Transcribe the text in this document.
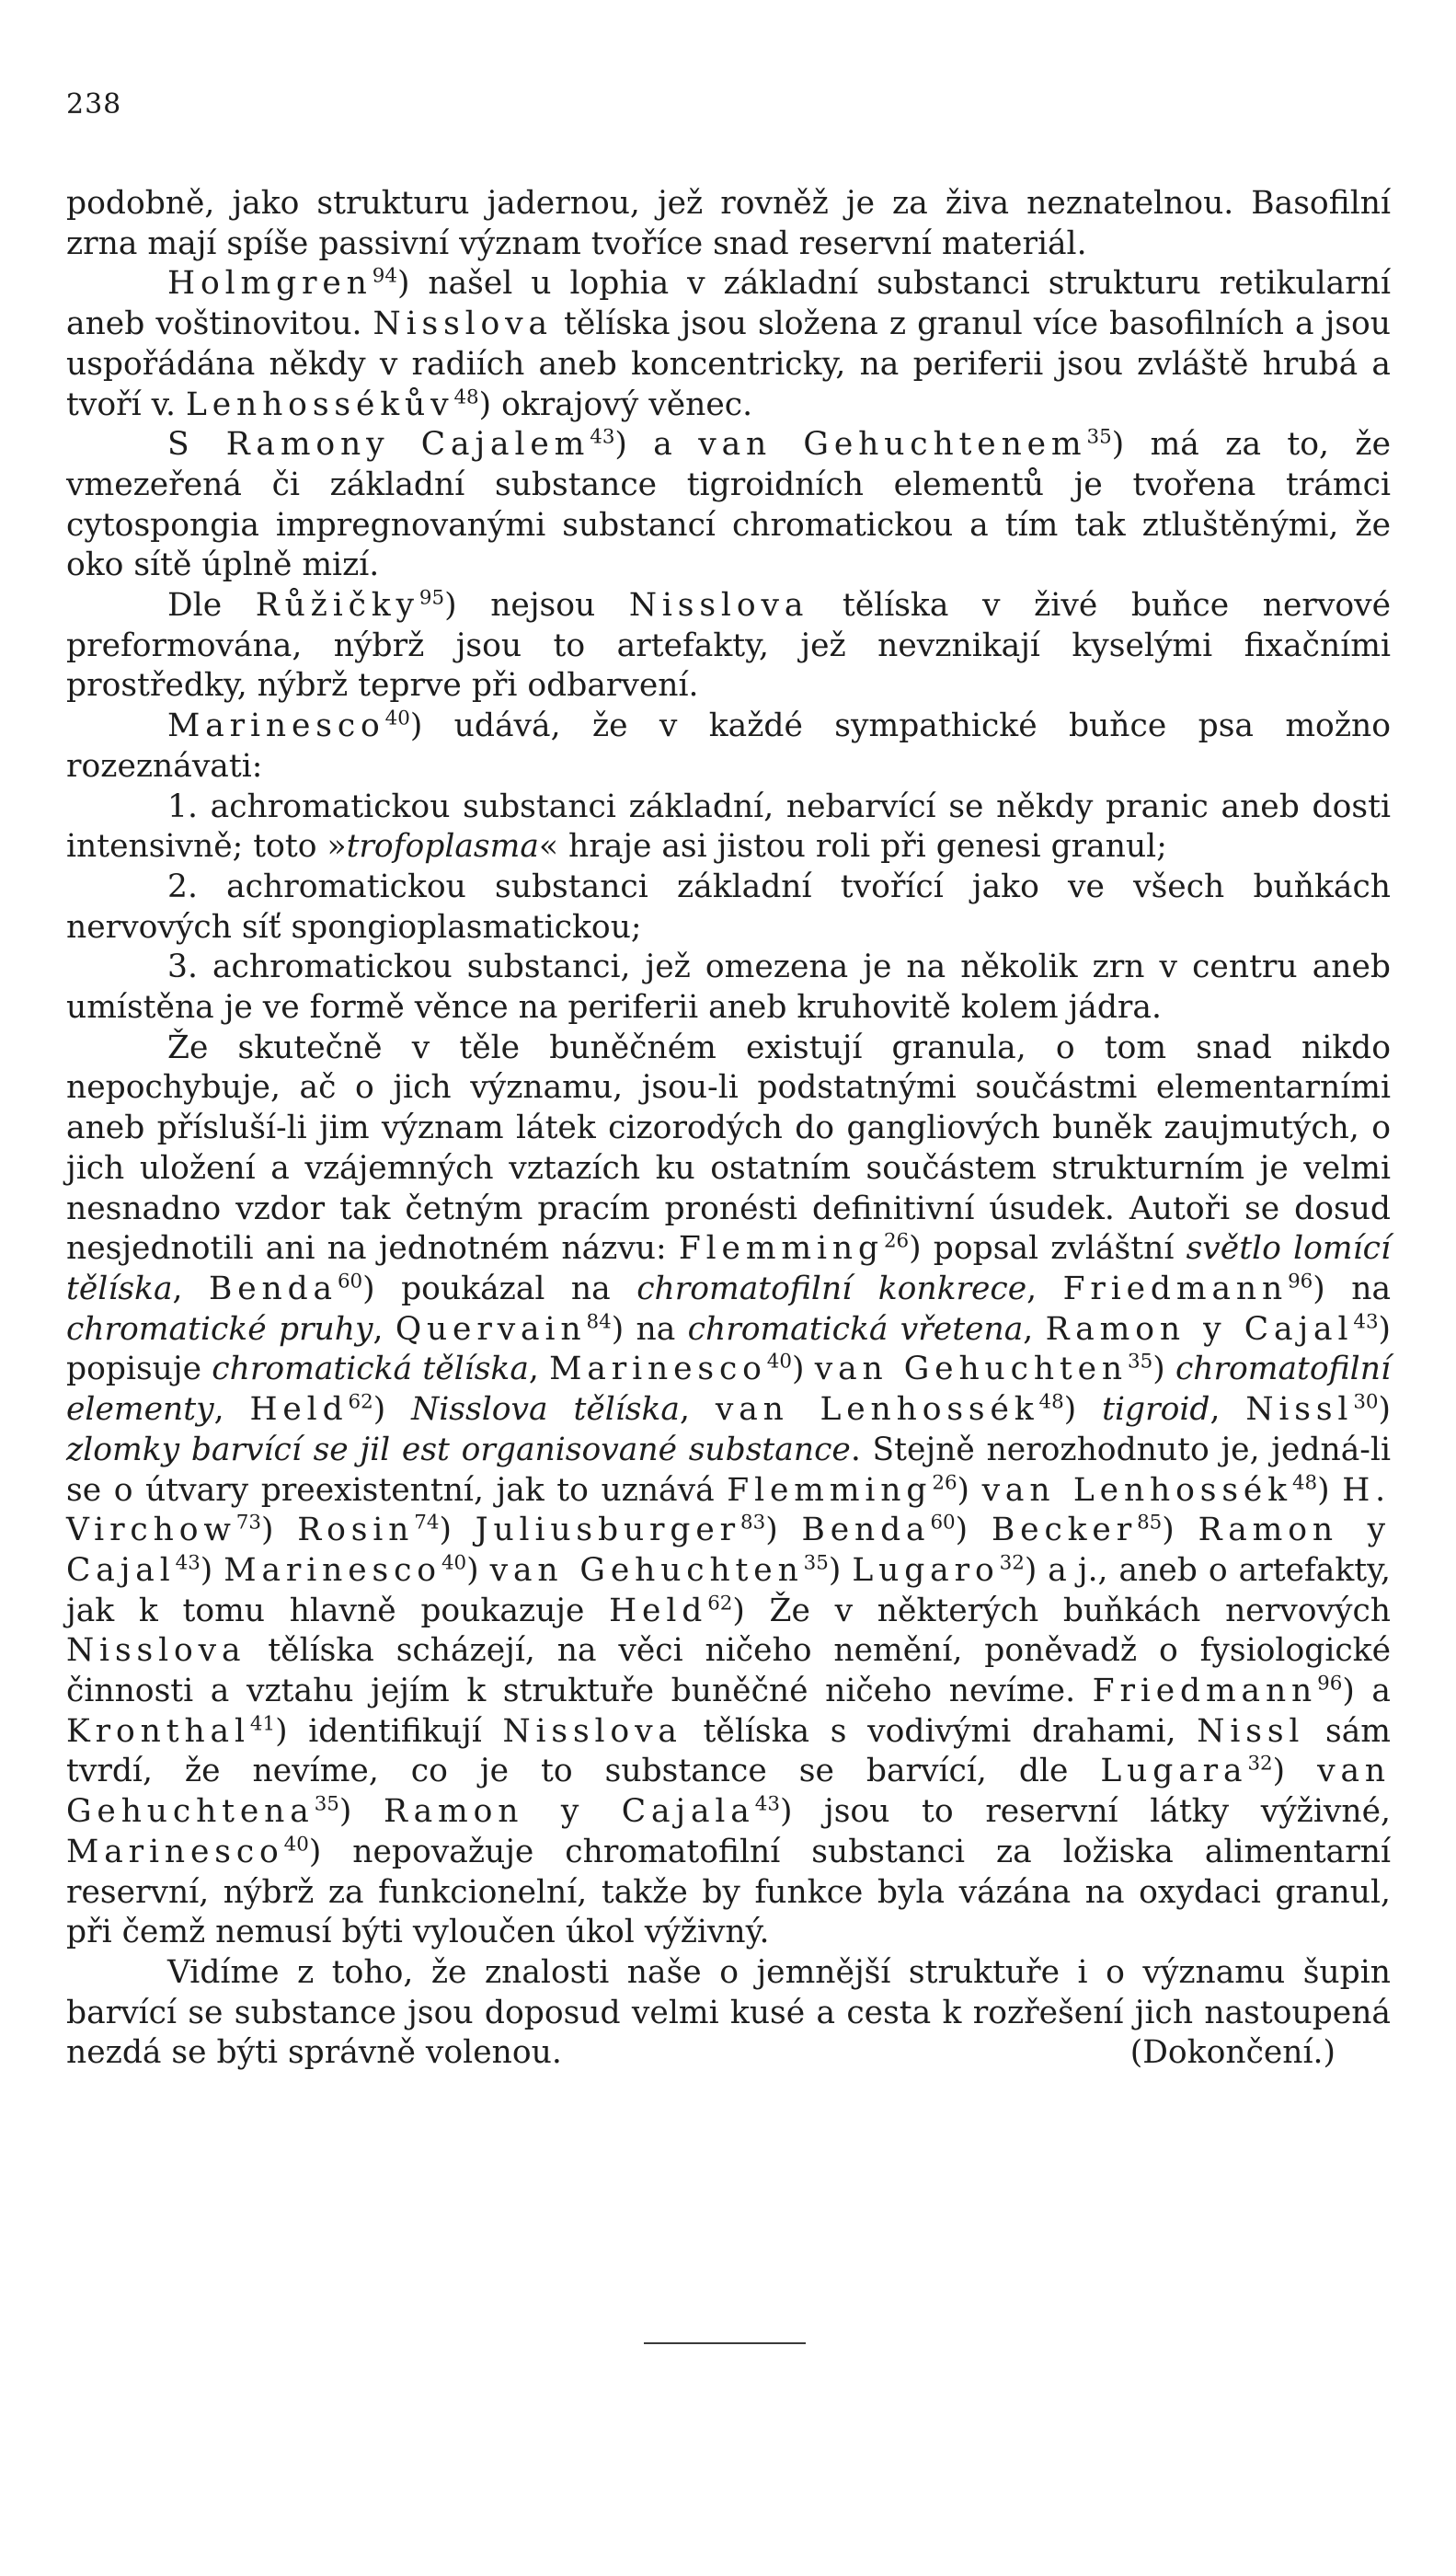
238

podobně, jako strukturu jadernou, jež rovněž je za živa neznatelnou. Basofilní zrna mají spíše passivní význam tvoříce snad reservní materiál.

Holmgren$^{94}$) našel u lophia v základní substanci strukturu retikularní aneb voštinovitou. Nisslova tělíska jsou složena z granul více basofilních a jsou uspořádána někdy v radiích aneb koncentricky, na periferii jsou zvláště hrubá a tvoří v. Lenhossékův$^{48}$) okrajový věnec.

S Ramony Cajalem$^{43}$) a van Gehuchtenem$^{35}$) má za to, že vmezeřená či základní substance tigroidních elementů je tvořena trámci cytospongia impregnovanými substancí chromatickou a tím tak ztluštěnými, že oko sítě úplně mizí.

Dle Růžičky$^{95}$) nejsou Nisslova tělíska v živé buňce nervové preformována, nýbrž jsou to artefakty, jež nevznikají kyselými fixačními prostředky, nýbrž teprve při odbarvení.

Marinesco$^{40}$) udává, že v každé sympathické buňce psa možno rozeznávati:

1. achromatickou substanci základní, nebarvící se někdy pranic aneb dosti intensivně; toto »trofoplasma« hraje asi jistou roli při genesi granul;

2. achromatickou substanci základní tvořící jako ve všech buňkách nervových síť spongioplasmatickou;

3. achromatickou substanci, jež omezena je na několik zrn v centru aneb umístěna je ve formě věnce na periferii aneb kruhovitě kolem jádra.

Že skutečně v těle buněčném existují granula, o tom snad nikdo nepochybuje, ač o jich významu, jsou-li podstatnými součástmi elementarními aneb přísluší-li jim význam látek cizorodých do gangliových buněk zaujmutých, o jich uložení a vzájemných vztazích ku ostatním součástem strukturním je velmi nesnadno vzdor tak četným pracím pronésti definitivní úsudek. Autoři se dosud nesjednotili ani na jednotném názvu: Flemming$^{26}$) popsal zvláštní světlo lomící tělíska, Benda$^{60}$) poukázal na chromatofilní konkrece, Friedmann$^{96}$) na chromatické pruhy, Quervain$^{84}$) na chromatická vřetena, Ramon y Cajal$^{43}$) popisuje chromatická tělíska, Marinesco$^{40}$) van Gehuchten$^{35}$) chromatofilní elementy, Held$^{62}$) Nisslova tělíska, van Lenhossék$^{48}$) tigroid, Nissl$^{30}$) zlomky barvící se jil est organisované substance. Stejně nerozhodnuto je, jedná-li se o útvary preexistentní, jak to uznává Flemming$^{26}$) van Lenhossék$^{48}$) H. Virchow$^{73}$) Rosin$^{74}$) Juliusburger$^{83}$) Benda$^{60}$) Becker$^{85}$) Ramon y Cajal$^{43}$) Marinesco$^{40}$) van Gehuchten$^{35}$) Lugaro$^{32}$) a j., aneb o artefakty, jak k tomu hlavně poukazuje Held$^{62}$) Že v některých buňkách nervových Nisslova tělíska scházejí, na věci ničeho nemění, poněvadž o fysiologické činnosti a vztahu jejím k struktuře buněčné ničeho nevíme. Friedmann$^{96}$) a Kronthal$^{41}$) identifikují Nisslova tělíska s vodivými drahami, Nissl sám tvrdí, že nevíme, co je to substance se barvící, dle Lugara$^{32}$) van Gehuchtena$^{35}$) Ramon y Cajala$^{43}$) jsou to reservní látky výživné, Marinesco$^{40}$) nepovažuje chromatofilní substanci za ložiska alimentarní reservní, nýbrž za funkcionelní, takže by funkce byla vázána na oxydaci granul, při čemž nemusí býti vyloučen úkol výživný.

Vidíme z toho, že znalosti naše o jemnější struktuře i o významu šupin barvící se substance jsou doposud velmi kusé a cesta k rozřešení jich nastoupená nezdá se býti správně volenou.	(Dokončení.)
